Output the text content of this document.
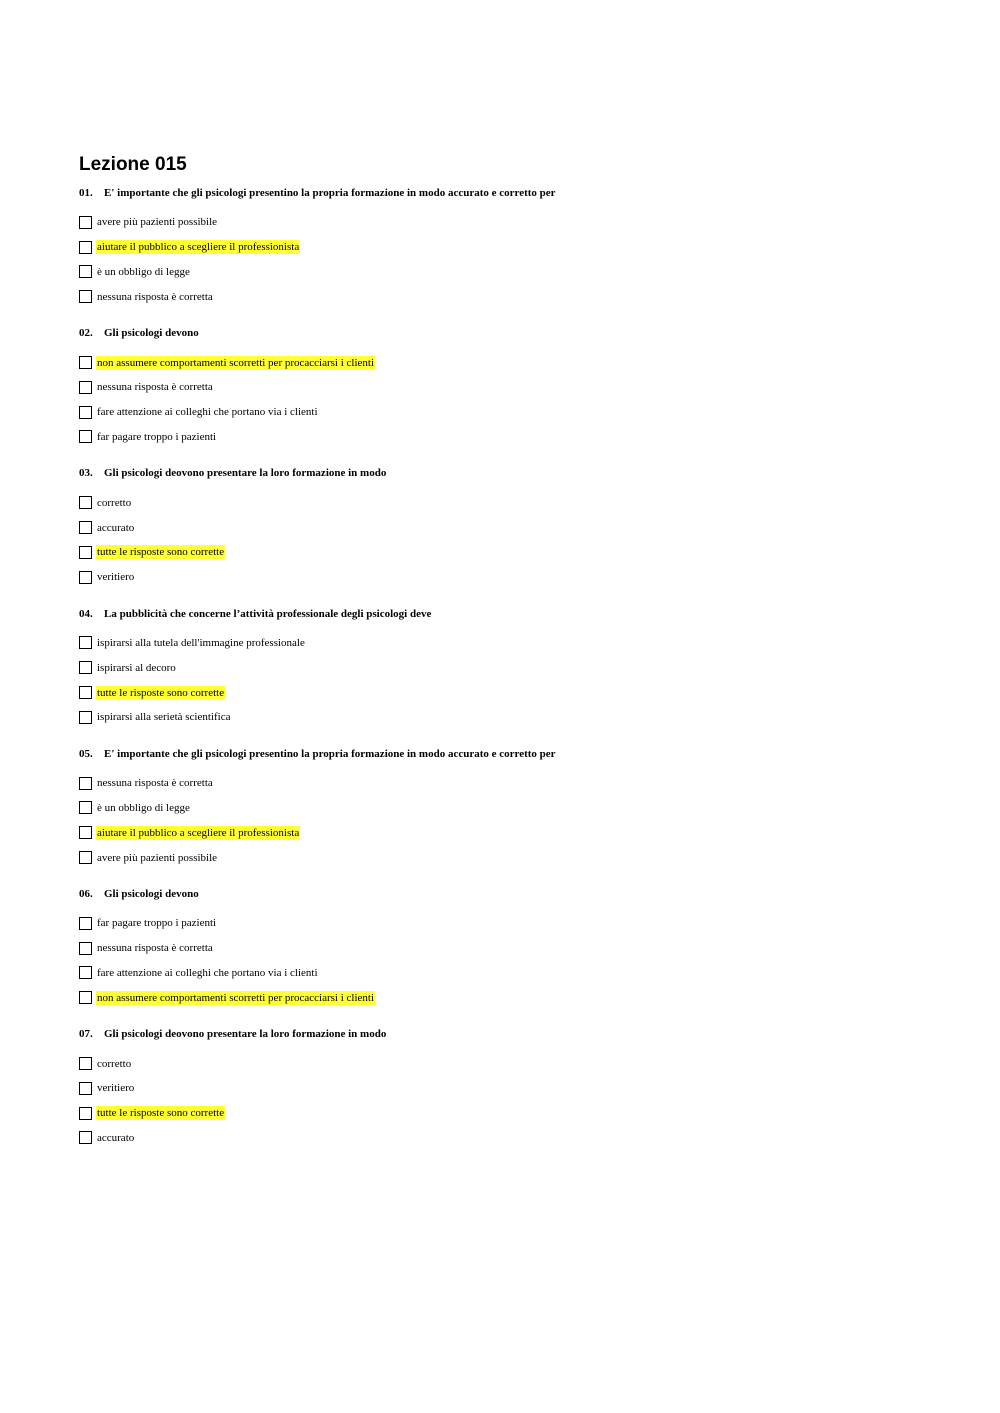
Lezione 015

01. E' importante che gli psicologi presentino la propria formazione in modo accurato e corretto per

avere più pazienti possibile
aiutare il pubblico a scegliere il professionista
è un obbligo di legge
nessuna risposta è corretta

02. Gli psicologi devono

non assumere comportamenti scorretti per procacciarsi i clienti
nessuna risposta è corretta
fare attenzione ai colleghi che portano via i clienti
far pagare troppo i pazienti

03. Gli psicologi deovono presentare la loro formazione in modo

corretto
accurato
tutte le risposte sono corrette
veritiero

04. La pubblicità che concerne l’attività professionale degli psicologi deve

ispirarsi alla tutela dell'immagine professionale
ispirarsi al decoro
tutte le risposte sono corrette
ispirarsi alla serietà scientifica

05. E' importante che gli psicologi presentino la propria formazione in modo accurato e corretto per

nessuna risposta è corretta
è un obbligo di legge
aiutare il pubblico a scegliere il professionista
avere più pazienti possibile

06. Gli psicologi devono

far pagare troppo i pazienti
nessuna risposta è corretta
fare attenzione ai colleghi che portano via i clienti
non assumere comportamenti scorretti per procacciarsi i clienti

07. Gli psicologi deovono presentare la loro formazione in modo

corretto
veritiero
tutte le risposte sono corrette
accurato
